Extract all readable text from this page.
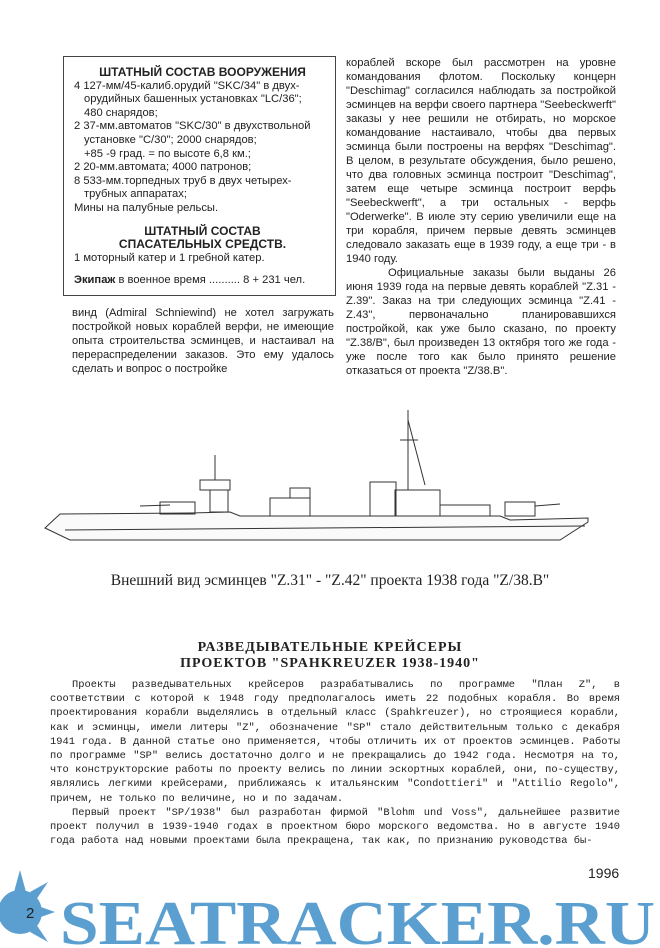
ШТАТНЫЙ СОСТАВ ВООРУЖЕНИЯ
4 127-мм/45-калиб.орудий "SKC/34" в двух-
орудийных башенных установках "LC/36";
480 снарядов;
2 37-мм.автоматов "SKC/30" в двухствольной
установке "C/30"; 2000 снарядов;
+85 -9 град. = по высоте 6,8 км.;
2 20-мм.автомата; 4000 патронов;
8 533-мм.торпедных труб в двух четырех-
трубных аппаратах;
Мины на палубные рельсы.
ШТАТНЫЙ СОСТАВ
СПАСАТЕЛЬНЫХ СРЕДСТВ.
1 моторный катер и 1 гребной катер.
Экипаж в военное время .......... 8 + 231 чел.
винд (Admiral Schniewind) не хотел загружать постройкой новых кораблей верфи, не имеющие опыта строительства эсминцев, и настаивал на перераспределении заказов. Это ему удалось сделать и вопрос о постройке
кораблей вскоре был рассмотрен на уровне командования флотом. Поскольку концерн "Deschimag" согласился наблюдать за постройкой эсминцев на верфи своего партнера "Seebeckwerft" заказы у нее решили не отбирать, но морское командование настаивало, чтобы два первых эсминца были построены на верфях "Deschimag". В целом, в результате обсуждения, было решено, что два головных эсминца построит "Deschimag", затем еще четыре эсминца построит верфь "Seebeckwerft", а три остальных - верфь "Oderwerke". В июле эту серию увеличили еще на три корабля, причем первые девять эсминцев следовало заказать еще в 1939 году, а еще три - в 1940 году.
Официальные заказы были выданы 26 июня 1939 года на первые девять кораблей "Z.31 - Z.39". Заказ на три следующих эсминца "Z.41 - Z.43", первоначально планировавшихся постройкой, как уже было сказано, по проекту "Z.38/B", был произведен 13 октября того же года - уже после того как было принято решение отказаться от проекта "Z/38.B".
Внешний вид эсминцев "Z.31" - "Z.42" проекта 1938 года "Z/38.B"
РАЗВЕДЫВАТЕЛЬНЫЕ КРЕЙСЕРЫ
ПРОЕКТОВ "SPAHKREUZER 1938-1940"

Проекты разведывательных крейсеров разрабатывались по программе "План Z", в соответствии с которой к 1948 году предполагалось иметь 22 подобных корабля. Во время проектирования корабли выделялись в отдельный класс (Spahkreuzer), но строящиеся корабли, как и эсминцы, имели литеры "Z", обозначение "SP" стало действительным только с декабря 1941 года. В данной статье оно применяется, чтобы отличить их от проектов эсминцев. Работы по программе "SP" велись достаточно долго и не прекращались до 1942 года. Несмотря на то, что конструкторские работы по проекту велись по линии эскортных кораблей, они, по-существу, являлись легкими крейсерами, приближаясь к итальянским "Condottieri" и "Attilio Regolo", причем, не только по величине, но и по задачам.

Первый проект "SP/1938" был разработан фирмой "Blohm und Voss", дальнейшее развитие проект получил в 1939-1940 годах в проектном бюро морского ведомства. Но в августе 1940 года работа над новыми проектами была прекращена, так как, по признанию руководства бы-

SEATRACKER.RU
2
1996
